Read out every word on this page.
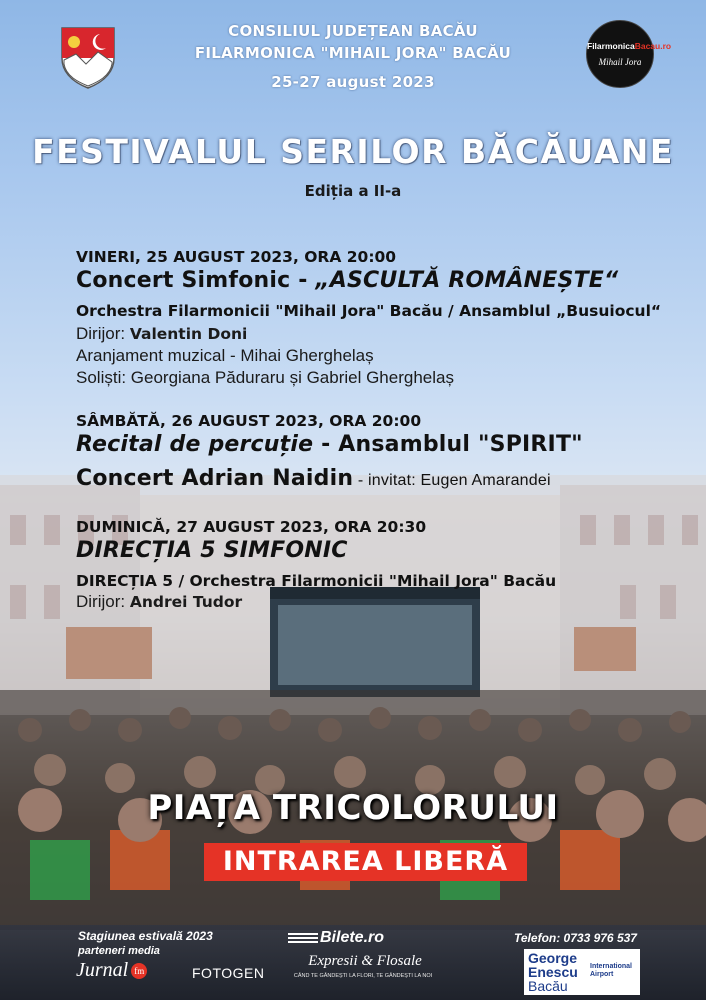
FilarmonicaBacau.ro
Mihail Jora
CONSILIUL JUDEȚEAN BACĂU
FILARMONICA "MIHAIL JORA" BACĂU
25-27 august 2023
FESTIVALUL SERILOR BĂCĂUANE
Ediția a II-a
VINERI, 25 AUGUST 2023, ORA 20:00
Concert Simfonic - „ASCULTĂ ROMÂNEȘTE“
Orchestra Filarmonicii "Mihail Jora" Bacău / Ansamblul „Busuiocul“
Dirijor: Valentin Doni
Aranjament muzical - Mihai Gherghelaș
Soliști: Georgiana Păduraru și Gabriel Gherghelaș
SÂMBĂTĂ, 26 AUGUST 2023, ORA 20:00
Recital de percuție - Ansamblul "SPIRIT"
Concert Adrian Naidin - invitat: Eugen Amarandei
DUMINICĂ, 27 AUGUST 2023, ORA 20:30
DIRECȚIA 5 SIMFONIC
DIRECȚIA 5 / Orchestra Filarmonicii "Mihail Jora" Bacău
Dirijor: Andrei Tudor
PIAȚA TRICOLORULUI
INTRAREA LIBERĂ
Stagiunea estivală 2023
parteneri media
Jurnal fm	FOTOGEN
Bilete.ro
Expresii & Flosale
CÂND TE GÂNDEȘTI LA FLORI, TE GÂNDEȘTI LA NOI
Telefon: 0733 976 537
George
Enescu
Bacău
International
Airport
